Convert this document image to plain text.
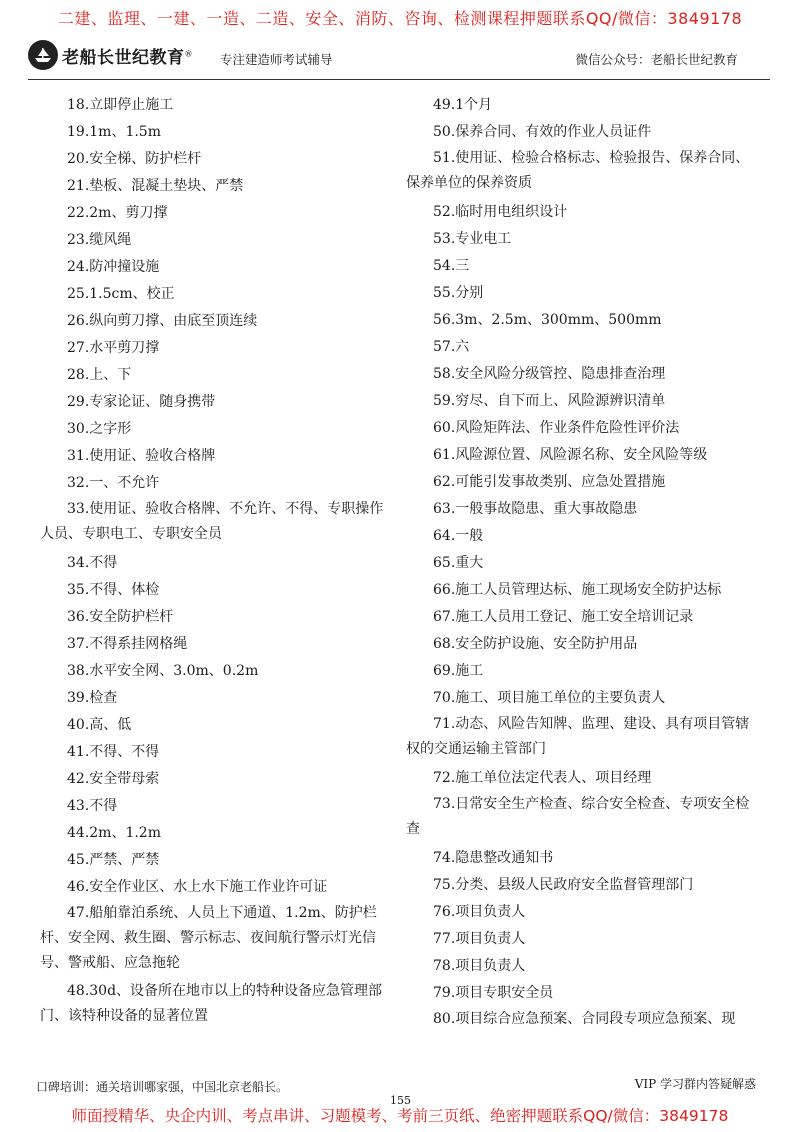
二建、监理、一建、一造、二造、安全、消防、咨询、检测课程押题联系QQ/微信：3849178
老船长世纪教育® 专注建造师考试辅导	微信公众号：老船长世纪教育
18.立即停止施工
19.1m、1.5m
20.安全梯、防护栏杆
21.垫板、混凝土垫块、严禁
22.2m、剪刀撑
23.缆风绳
24.防冲撞设施
25.1.5cm、校正
26.纵向剪刀撑、由底至顶连续
27.水平剪刀撑
28.上、下
29.专家论证、随身携带
30.之字形
31.使用证、验收合格牌
32.一、不允许
33.使用证、验收合格牌、不允许、不得、专职操作人员、专职电工、专职安全员
34.不得
35.不得、体检
36.安全防护栏杆
37.不得系挂网格绳
38.水平安全网、3.0m、0.2m
39.检查
40.高、低
41.不得、不得
42.安全带母索
43.不得
44.2m、1.2m
45.严禁、严禁
46.安全作业区、水上水下施工作业许可证
47.船舶靠泊系统、人员上下通道、1.2m、防护栏杆、安全网、救生圈、警示标志、夜间航行警示灯光信号、警戒船、应急拖轮
48.30d、设备所在地市以上的特种设备应急管理部门、该特种设备的显著位置
49.1个月
50.保养合同、有效的作业人员证件
51.使用证、检验合格标志、检验报告、保养合同、保养单位的保养资质
52.临时用电组织设计
53.专业电工
54.三
55.分别
56.3m、2.5m、300mm、500mm
57.六
58.安全风险分级管控、隐患排查治理
59.穷尽、自下而上、风险源辨识清单
60.风险矩阵法、作业条件危险性评价法
61.风险源位置、风险源名称、安全风险等级
62.可能引发事故类别、应急处置措施
63.一般事故隐患、重大事故隐患
64.一般
65.重大
66.施工人员管理达标、施工现场安全防护达标
67.施工人员用工登记、施工安全培训记录
68.安全防护设施、安全防护用品
69.施工
70.施工、项目施工单位的主要负责人
71.动态、风险告知牌、监理、建设、具有项目管辖权的交通运输主管部门
72.施工单位法定代表人、项目经理
73.日常安全生产检查、综合安全检查、专项安全检查
74.隐患整改通知书
75.分类、县级人民政府安全监督管理部门
76.项目负责人
77.项目负责人
78.项目负责人
79.项目专职安全员
80.项目综合应急预案、合同段专项应急预案、现
口碑培训：通关培训哪家强，中国北京老船长。	VIP 学习群内答疑解惑
155
师面授精华、央企内训、考点串讲、习题模考、考前三页纸、绝密押题联系QQ/微信：3849178
